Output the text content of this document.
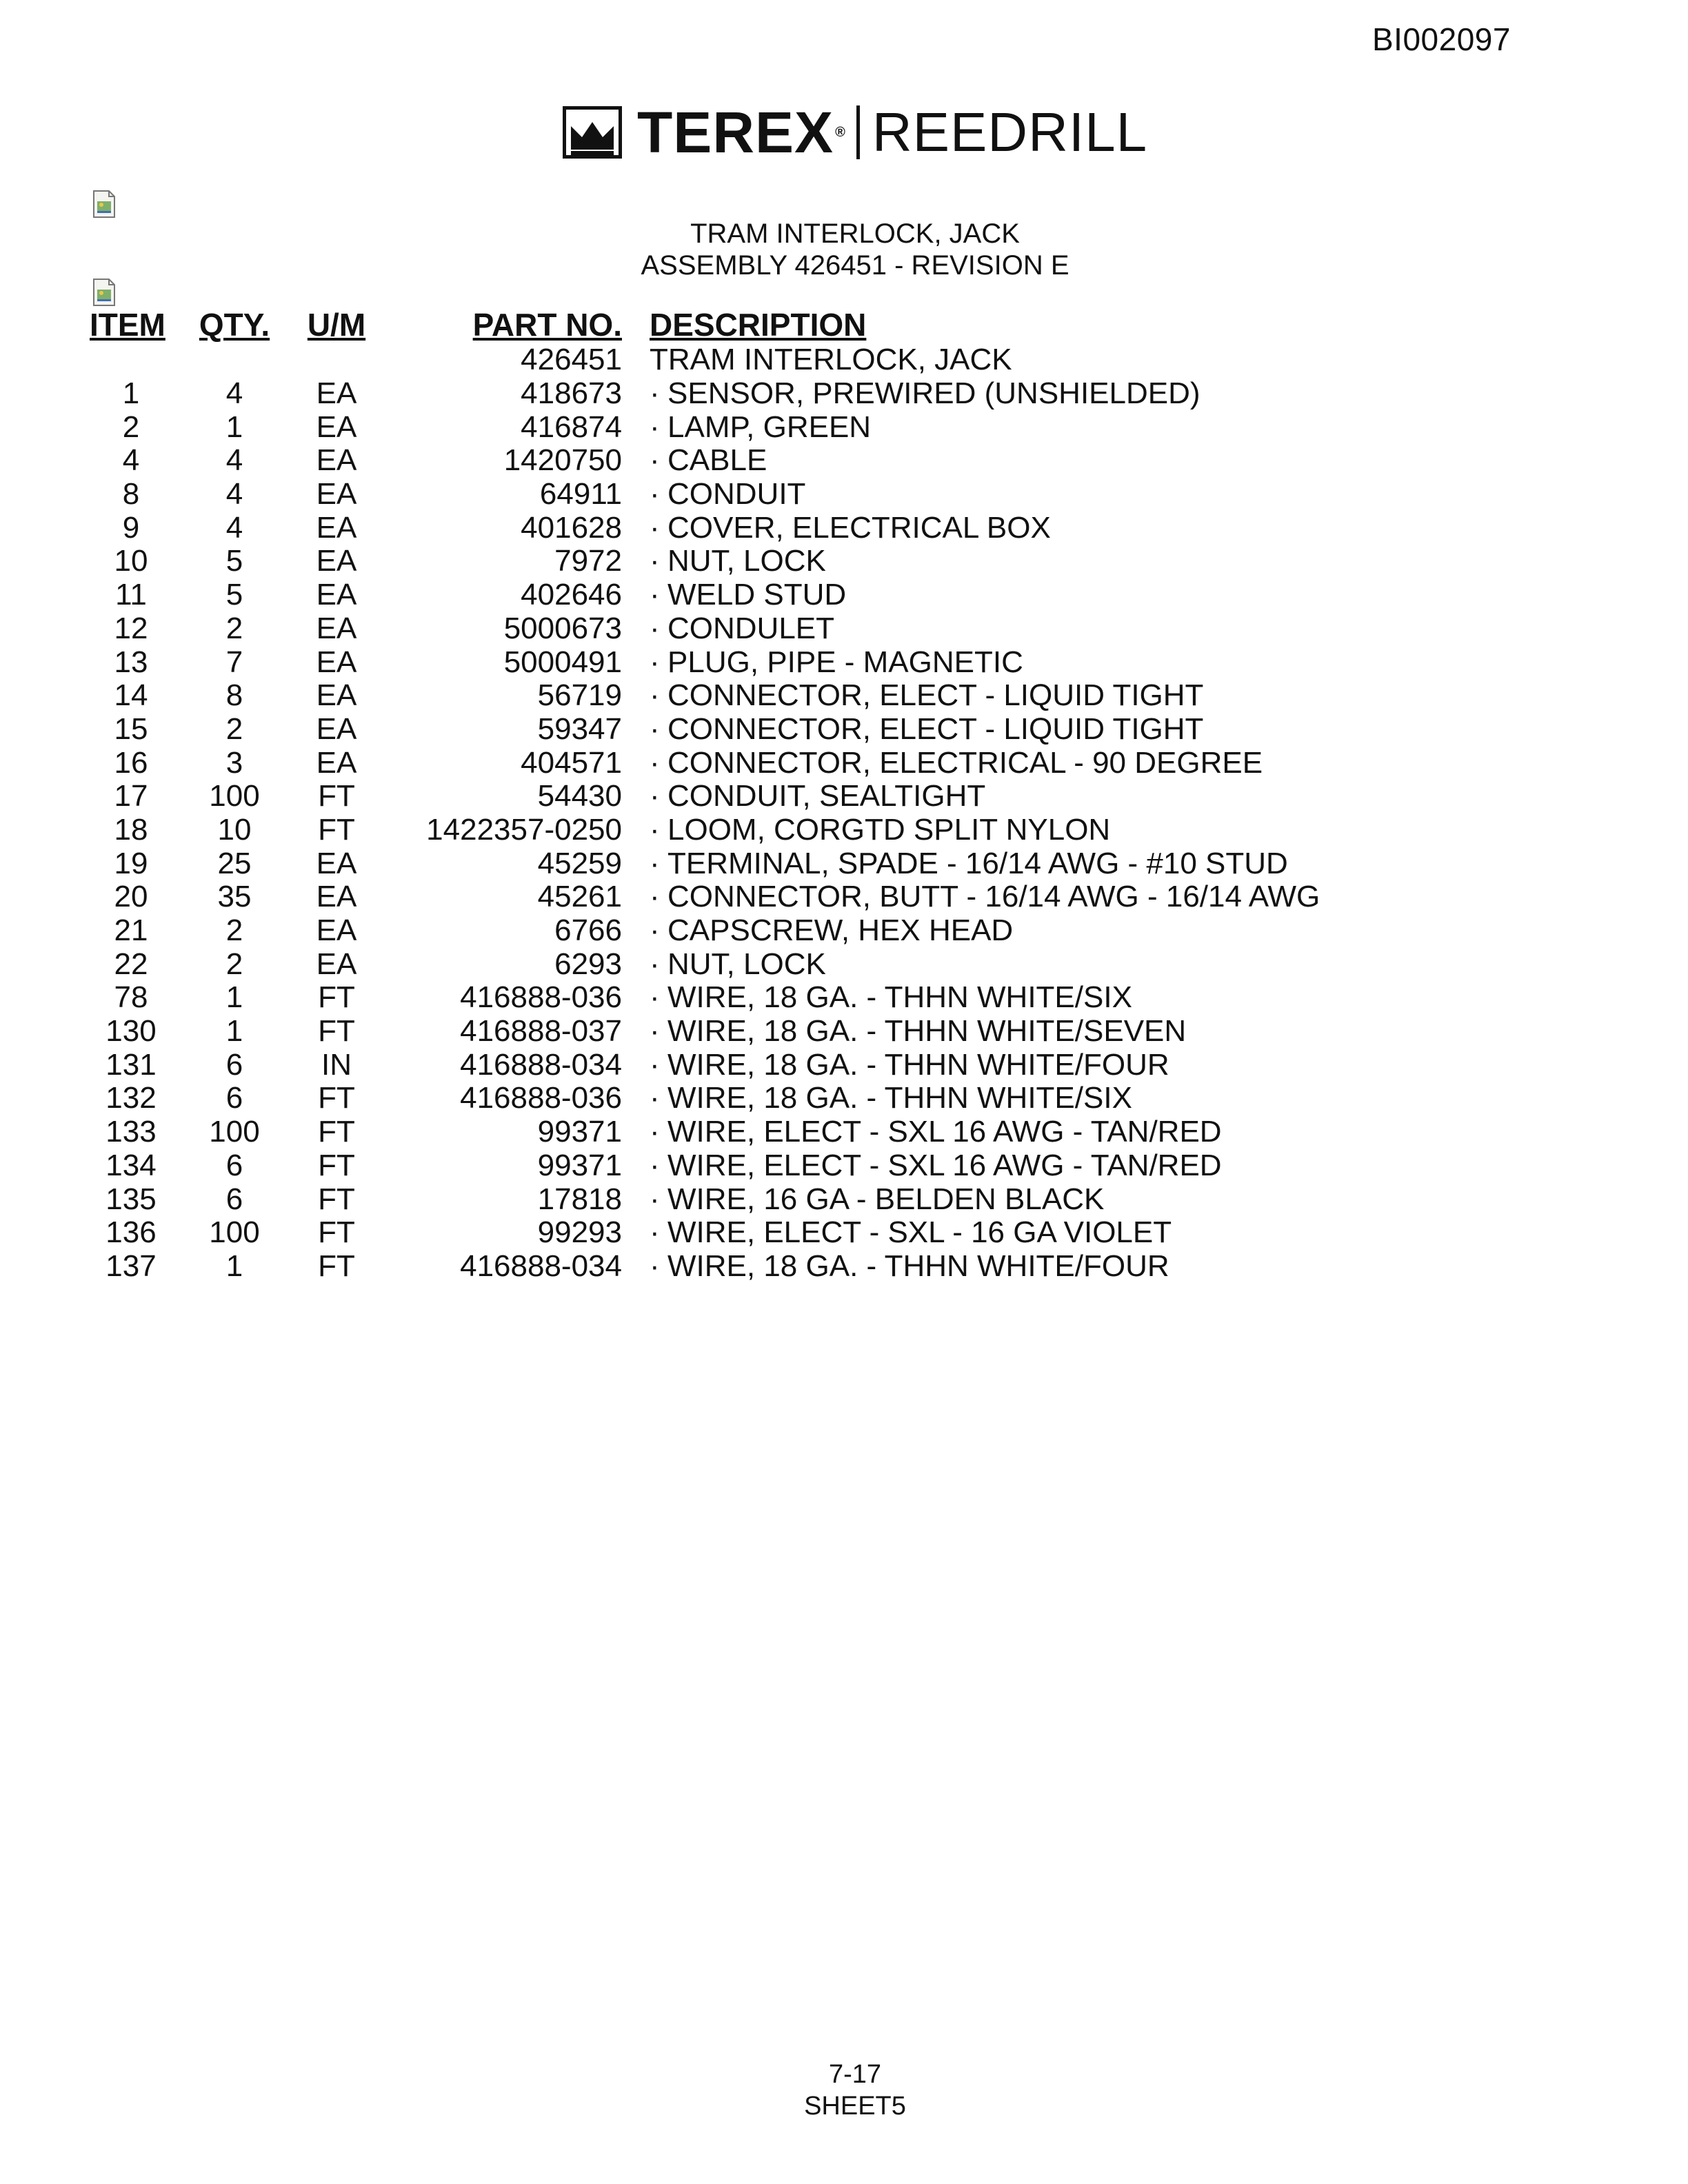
BI002097
TEREX ® REEDRILL
TRAM INTERLOCK, JACK
ASSEMBLY 426451 - REVISION E
ITEM	QTY.	U/M	PART NO.	DESCRIPTION
			426451	TRAM INTERLOCK, JACK
1	4	EA	418673	· SENSOR, PREWIRED (UNSHIELDED)
2	1	EA	416874	· LAMP, GREEN
4	4	EA	1420750	· CABLE
8	4	EA	64911	· CONDUIT
9	4	EA	401628	· COVER, ELECTRICAL BOX
10	5	EA	7972	· NUT, LOCK
11	5	EA	402646	· WELD STUD
12	2	EA	5000673	· CONDULET
13	7	EA	5000491	· PLUG, PIPE - MAGNETIC
14	8	EA	56719	· CONNECTOR, ELECT - LIQUID TIGHT
15	2	EA	59347	· CONNECTOR, ELECT - LIQUID TIGHT
16	3	EA	404571	· CONNECTOR, ELECTRICAL - 90 DEGREE
17	100	FT	54430	· CONDUIT, SEALTIGHT
18	10	FT	1422357-0250	· LOOM, CORGTD SPLIT NYLON
19	25	EA	45259	· TERMINAL, SPADE - 16/14 AWG - #10 STUD
20	35	EA	45261	· CONNECTOR, BUTT - 16/14 AWG - 16/14 AWG
21	2	EA	6766	· CAPSCREW, HEX HEAD
22	2	EA	6293	· NUT, LOCK
78	1	FT	416888-036	· WIRE, 18 GA. - THHN WHITE/SIX
130	1	FT	416888-037	· WIRE, 18 GA. - THHN WHITE/SEVEN
131	6	IN	416888-034	· WIRE, 18 GA. - THHN WHITE/FOUR
132	6	FT	416888-036	· WIRE, 18 GA. - THHN WHITE/SIX
133	100	FT	99371	· WIRE, ELECT - SXL 16 AWG - TAN/RED
134	6	FT	99371	· WIRE, ELECT - SXL 16 AWG - TAN/RED
135	6	FT	17818	· WIRE, 16 GA - BELDEN BLACK
136	100	FT	99293	· WIRE, ELECT - SXL - 16 GA VIOLET
137	1	FT	416888-034	· WIRE, 18 GA. - THHN WHITE/FOUR
7-17
SHEET5
